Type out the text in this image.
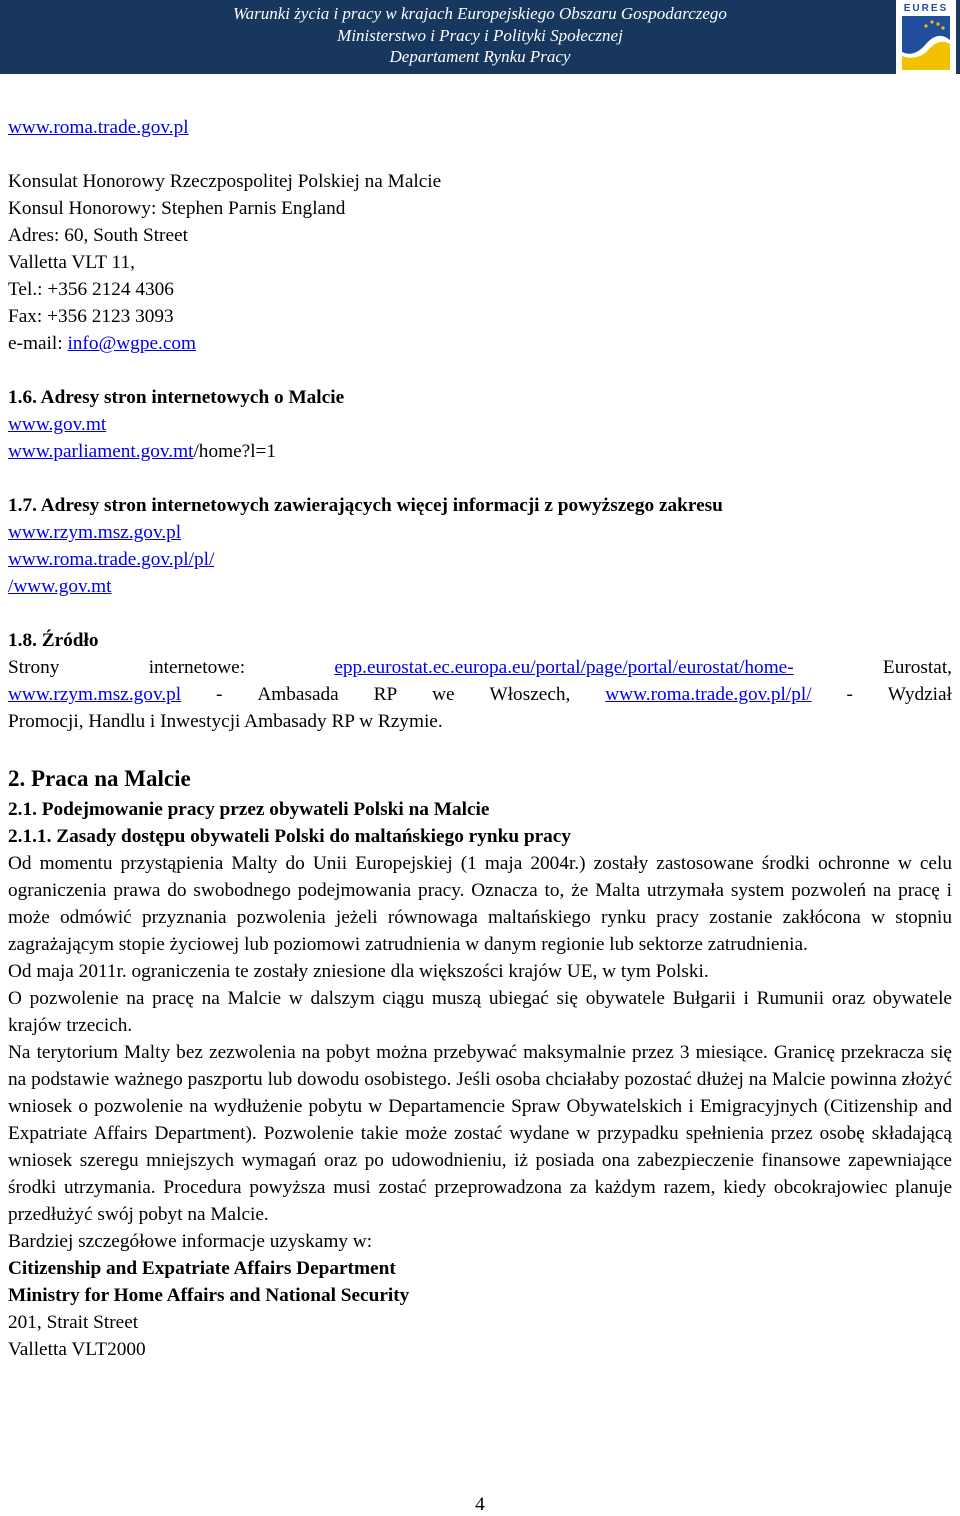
Warunki życia i pracy w krajach Europejskiego Obszaru Gospodarczego
Ministerstwo i Pracy i Polityki Społecznej
Departament Rynku Pracy
EURES
www.roma.trade.gov.pl
Konsulat Honorowy Rzeczpospolitej Polskiej na Malcie
Konsul Honorowy: Stephen Parnis England
Adres: 60, South Street
Valletta VLT 11,
Tel.: +356 2124 4306
Fax: +356 2123 3093
e-mail: info@wgpe.com
1.6. Adresy stron internetowych o Malcie
www.gov.mt
www.parliament.gov.mt/home?l=1
1.7. Adresy stron internetowych zawierających więcej informacji z powyższego zakresu
www.rzym.msz.gov.pl
www.roma.trade.gov.pl/pl/
/www.gov.mt
1.8. Źródło
Strony	internetowe:	epp.eurostat.ec.europa.eu/portal/page/portal/eurostat/home-	Eurostat,
www.rzym.msz.gov.pl - Ambasada RP we Włoszech, www.roma.trade.gov.pl/pl/ - Wydział
Promocji, Handlu i Inwestycji Ambasady RP w Rzymie.
2. Praca na Malcie
2.1. Podejmowanie pracy przez obywateli Polski na Malcie
2.1.1. Zasady dostępu obywateli Polski do maltańskiego rynku pracy

Od momentu przystąpienia Malty do Unii Europejskiej (1 maja 2004r.) zostały zastosowane środki ochronne w celu ograniczenia prawa do swobodnego podejmowania pracy. Oznacza to, że Malta utrzymała system pozwoleń na pracę i może odmówić przyznania pozwolenia jeżeli równowaga maltańskiego rynku pracy zostanie zakłócona w stopniu zagrażającym stopie życiowej lub poziomowi zatrudnienia w danym regionie lub sektorze zatrudnienia.

Od maja 2011r. ograniczenia te zostały zniesione dla większości krajów UE, w tym Polski.

O pozwolenie na pracę na Malcie w dalszym ciągu muszą ubiegać się obywatele Bułgarii i Rumunii oraz obywatele krajów trzecich.

Na terytorium Malty bez zezwolenia na pobyt można przebywać maksymalnie przez 3 miesiące. Granicę przekracza się na podstawie ważnego paszportu lub dowodu osobistego. Jeśli osoba chciałaby pozostać dłużej na Malcie powinna złożyć wniosek o pozwolenie na wydłużenie pobytu w Departamencie Spraw Obywatelskich i Emigracyjnych (Citizenship and Expatriate Affairs Department). Pozwolenie takie może zostać wydane w przypadku spełnienia przez osobę składającą wniosek szeregu mniejszych wymagań oraz po udowodnieniu, iż posiada ona zabezpieczenie finansowe zapewniające środki utrzymania. Procedura powyższa musi zostać przeprowadzona za każdym razem, kiedy obcokrajowiec planuje przedłużyć swój pobyt na Malcie.

Bardziej szczegółowe informacje uzyskamy w:

Citizenship and Expatriate Affairs Department
Ministry for Home Affairs and National Security
201, Strait Street
Valletta VLT2000
4
